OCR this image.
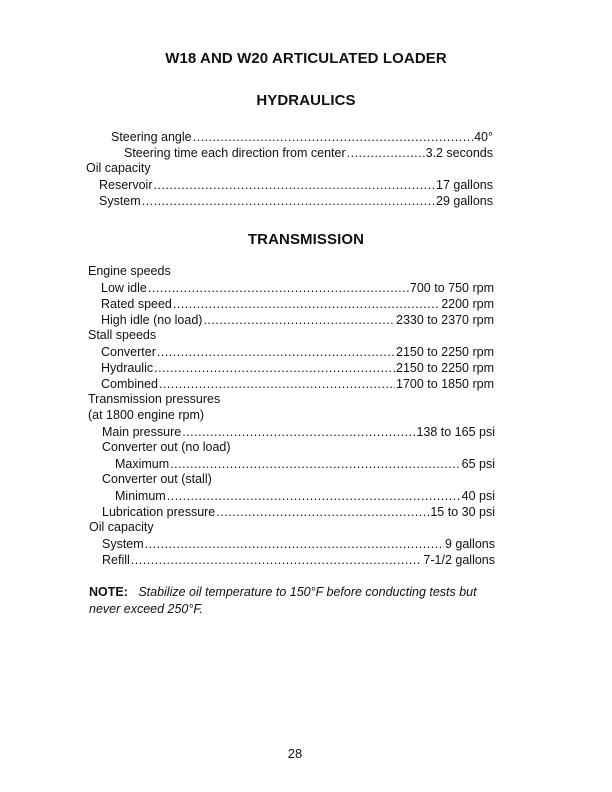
W18 AND W20 ARTICULATED LOADER
HYDRAULICS
Steering angle .....	40°
Steering time each direction from center .....	3.2 seconds
Oil capacity
Reservoir .....	17 gallons
System .....	29 gallons
TRANSMISSION
Engine speeds
Low idle .....	700 to 750 rpm
Rated speed .....	2200 rpm
High idle (no load) .....	2330 to 2370 rpm
Stall speeds
Converter .....	2150 to 2250 rpm
Hydraulic .....	2150 to 2250 rpm
Combined .....	1700 to 1850 rpm
Transmission pressures
(at 1800 engine rpm)
Main pressure .....	138 to 165 psi
Converter out (no load)
Maximum .....	65 psi
Converter out (stall)
Minimum .....	40 psi
Lubrication pressure .....	15 to 30 psi
Oil capacity
System .....	9 gallons
Refill .....	7-1/2 gallons
NOTE: Stabilize oil temperature to 150°F before conducting tests but never exceed 250°F.
28
